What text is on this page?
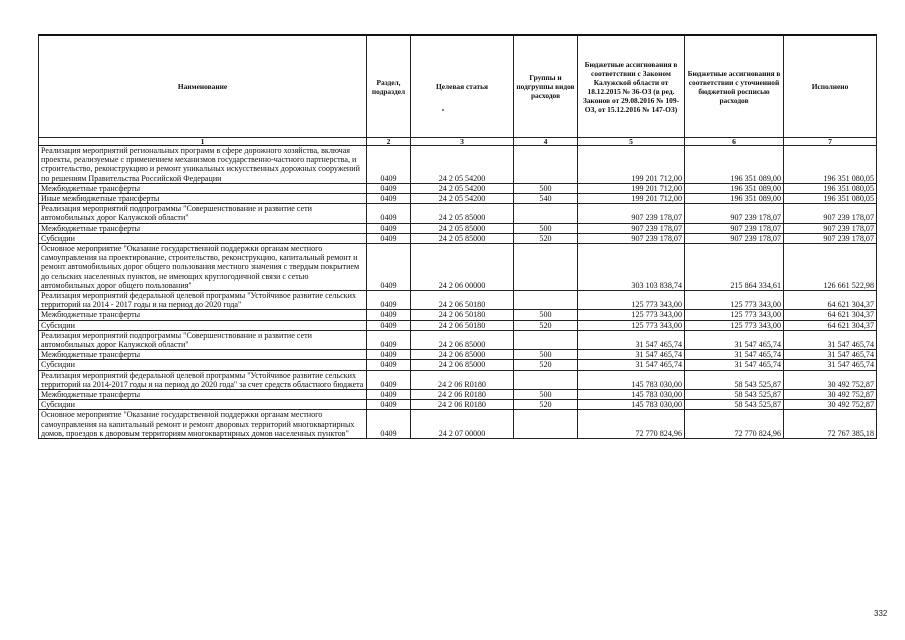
Наименование	Раздел, подраздел	Целевая статья	Группы и подгруппы видов расходов	Бюджетные ассигнования в соответствии с Законом Калужской области от 18.12.2015 № 36-ОЗ (в ред. Законов от 29.08.2016 № 109-ОЗ, от 15.12.2016 № 147-ОЗ)	Бюджетные ассигнования в соответствии с уточненной бюджетной росписью расходов	Исполнено
1	2	3	4	5	6	7
Реализация мероприятий региональных программ в сфере дорожного хозяйства, включая проекты, реализуемые с применением механизмов государственно-частного партнерства, и строительство, реконструкцию и ремонт уникальных искусственных дорожных сооружений по решениям Правительства Российской Федерации	0409	24 2 05 54200		199 201 712,00	196 351 089,00	196 351 080,05
Межбюджетные трансферты	0409	24 2 05 54200	500	199 201 712,00	196 351 089,00	196 351 080,05
Иные межбюджетные трансферты	0409	24 2 05 54200	540	199 201 712,00	196 351 089,00	196 351 080,05
Реализация мероприятий подпрограммы "Совершенствование и развитие сети автомобильных дорог Калужской области"	0409	24 2 05 85000		907 239 178,07	907 239 178,07	907 239 178,07
Межбюджетные трансферты	0409	24 2 05 85000	500	907 239 178,07	907 239 178,07	907 239 178,07
Субсидии	0409	24 2 05 85000	520	907 239 178,07	907 239 178,07	907 239 178,07
Основное мероприятие "Оказание государственной поддержки органам местного самоуправления на проектирование, строительство, реконструкцию, капитальный ремонт и ремонт автомобильных дорог общего пользования местного значения с твердым покрытием до сельских населенных пунктов, не имеющих круглогодичной связи с сетью автомобильных дорог общего пользования"	0409	24 2 06 00000		303 103 838,74	215 864 334,61	126 661 522,98
Реализация мероприятий федеральной целевой программы "Устойчивое развитие сельских территорий на 2014 - 2017 годы и на период до 2020 года"	0409	24 2 06 50180		125 773 343,00	125 773 343,00	64 621 304,37
Межбюджетные трансферты	0409	24 2 06 50180	500	125 773 343,00	125 773 343,00	64 621 304,37
Субсидии	0409	24 2 06 50180	520	125 773 343,00	125 773 343,00	64 621 304,37
Реализация мероприятий подпрограммы "Совершенствование и развитие сети автомобильных дорог Калужской области"	0409	24 2 06 85000		31 547 465,74	31 547 465,74	31 547 465,74
Межбюджетные трансферты	0409	24 2 06 85000	500	31 547 465,74	31 547 465,74	31 547 465,74
Субсидии	0409	24 2 06 85000	520	31 547 465,74	31 547 465,74	31 547 465,74
Реализация мероприятий федеральной целевой программы "Устойчивое развитие сельских территорий на 2014-2017 годы и на период до 2020 года" за счет средств областного бюджета	0409	24 2 06 R0180		145 783 030,00	58 543 525,87	30 492 752,87
Межбюджетные трансферты	0409	24 2 06 R0180	500	145 783 030,00	58 543 525,87	30 492 752,87
Субсидии	0409	24 2 06 R0180	520	145 783 030,00	58 543 525,87	30 492 752,87
Основное мероприятие "Оказание государственной поддержки органам местного самоуправления на капитальный ремонт и ремонт дворовых территорий многоквартирных домов, проездов к дворовым территориям многоквартирных домов населенных пунктов"	0409	24 2 07 00000		72 770 824,96	72 770 824,96	72 767 385,18
332
